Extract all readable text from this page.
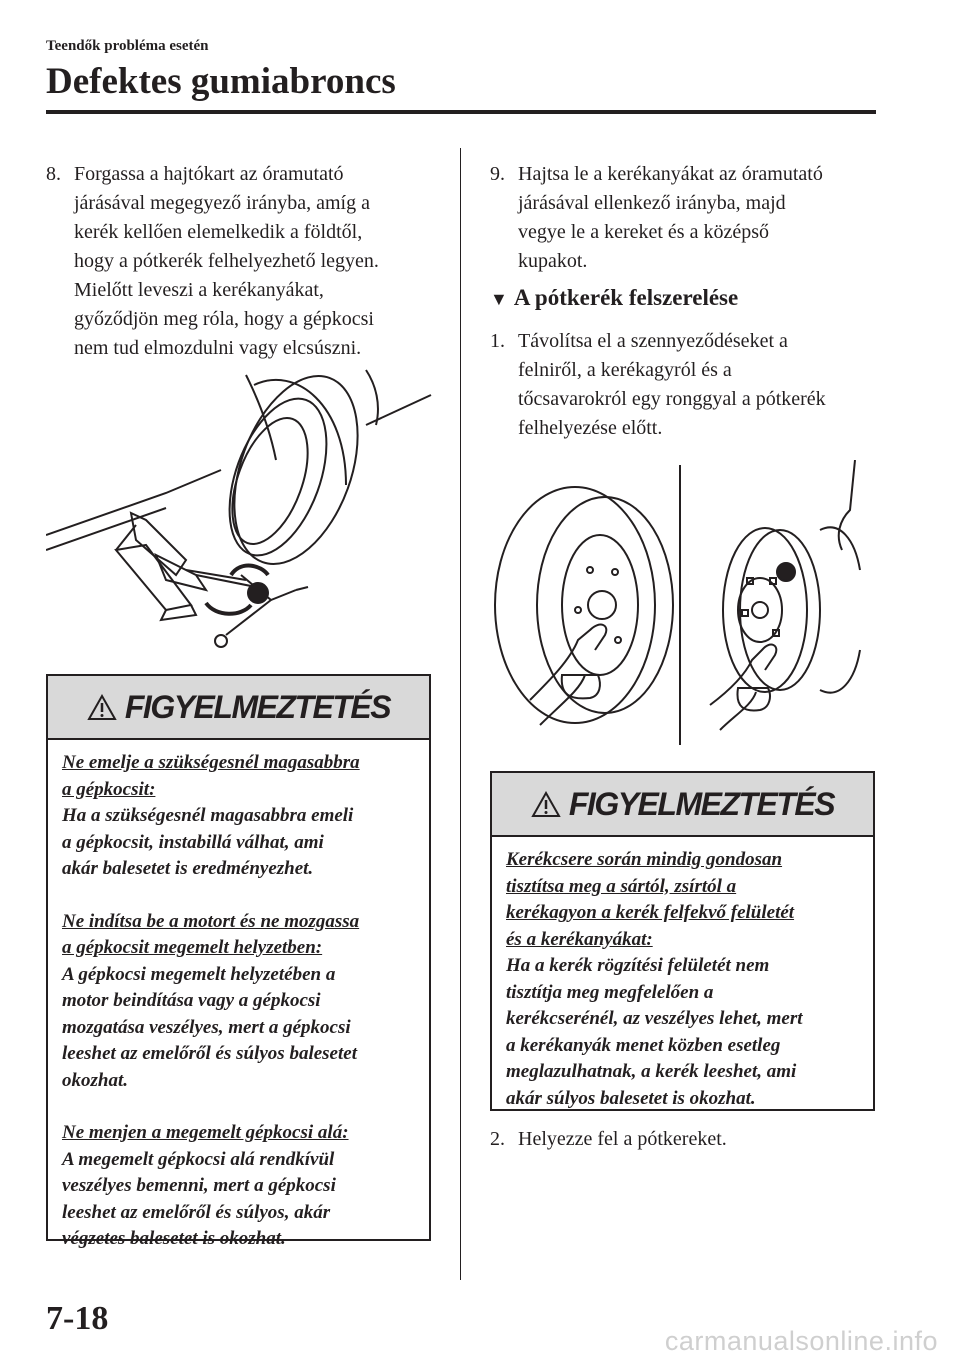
Teendők probléma esetén
Defektes gumiabroncs
8. Forgassa a hajtókart az óramutató
járásával megegyező irányba, amíg a
kerék kellően elemelkedik a földtől,
hogy a pótkerék felhelyezhető legyen.
Mielőtt leveszi a kerékanyákat,
győződjön meg róla, hogy a gépkocsi
nem tud elmozdulni vagy elcsúszni.
FIGYELMEZTETÉS
Ne emelje a szükségesnél magasabbra
a gépkocsit:
Ha a szükségesnél magasabbra emeli
a gépkocsit, instabillá válhat, ami
akár balesetet is eredményezhet.
Ne indítsa be a motort és ne mozgassa
a gépkocsit megemelt helyzetben:
A gépkocsi megemelt helyzetében a
motor beindítása vagy a gépkocsi
mozgatása veszélyes, mert a gépkocsi
leeshet az emelőről és súlyos balesetet
okozhat.
Ne menjen a megemelt gépkocsi alá:
A megemelt gépkocsi alá rendkívül
veszélyes bemenni, mert a gépkocsi
leeshet az emelőről és súlyos, akár
végzetes balesetet is okozhat.
9. Hajtsa le a kerékanyákat az óramutató
járásával ellenkező irányba, majd
vegye le a kereket és a középső
kupakot.
▼ A pótkerék felszerelése
1. Távolítsa el a szennyeződéseket a
felniről, a kerékagyról és a
tőcsavarokról egy ronggyal a pótkerék
felhelyezése előtt.
FIGYELMEZTETÉS
Kerékcsere során mindig gondosan
tisztítsa meg a sártól, zsírtól a
kerékagyon a kerék felfekvő felületét
és a kerékanyákat:
Ha a kerék rögzítési felületét nem
tisztítja meg megfelelően a
kerékcserénél, az veszélyes lehet, mert
a kerékanyák menet közben esetleg
meglazulhatnak, a kerék leeshet, ami
akár súlyos balesetet is okozhat.
2. Helyezze fel a pótkereket.
7-18
carmanualsonline.info
